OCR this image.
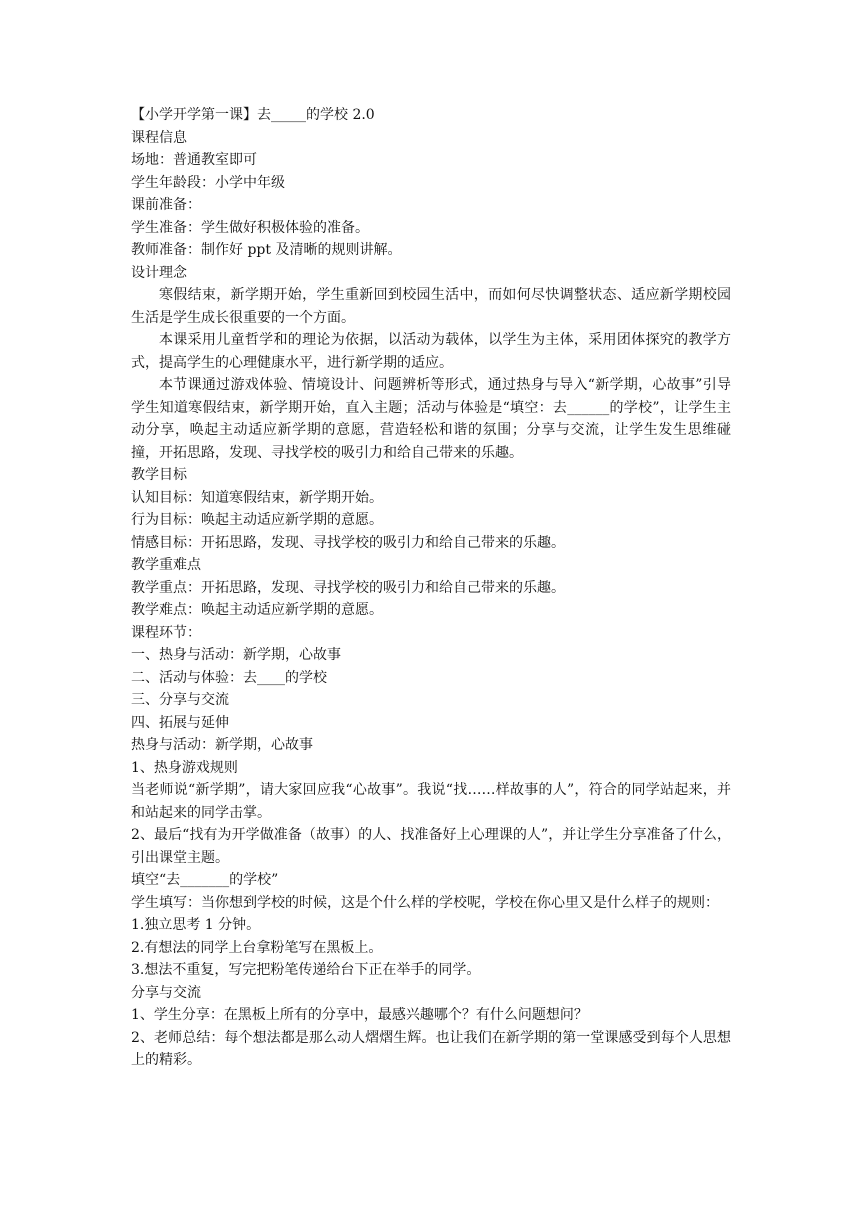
【小学开学第一课】去_____的学校 2.0

课程信息

场地：普通教室即可

学生年龄段：小学中年级

课前准备：

学生准备：学生做好积极体验的准备。

教师准备：制作好 ppt 及清晰的规则讲解。

设计理念

寒假结束，新学期开始，学生重新回到校园生活中，而如何尽快调整状态、适应新学期校园生活是学生成长很重要的一个方面。

本课采用儿童哲学和的理论为依据，以活动为载体，以学生为主体，采用团体探究的教学方式，提高学生的心理健康水平，进行新学期的适应。

本节课通过游戏体验、情境设计、问题辨析等形式，通过热身与导入“新学期，心故事”引导学生知道寒假结束，新学期开始，直入主题；活动与体验是“填空：去______的学校”，让学生主动分享，唤起主动适应新学期的意愿，营造轻松和谐的氛围；分享与交流，让学生发生思维碰撞，开拓思路，发现、寻找学校的吸引力和给自己带来的乐趣。

教学目标

认知目标：知道寒假结束，新学期开始。

行为目标：唤起主动适应新学期的意愿。

情感目标：开拓思路，发现、寻找学校的吸引力和给自己带来的乐趣。

教学重难点

教学重点：开拓思路，发现、寻找学校的吸引力和给自己带来的乐趣。

教学难点：唤起主动适应新学期的意愿。

课程环节：

一、热身与活动：新学期，心故事

二、活动与体验：去____的学校

三、分享与交流

四、拓展与延伸

热身与活动：新学期，心故事

1、热身游戏规则

当老师说“新学期”，请大家回应我“心故事”。我说“找……样故事的人”，符合的同学站起来，并和站起来的同学击掌。

2、最后“找有为开学做准备（故事）的人、找准备好上心理课的人”，并让学生分享准备了什么，引出课堂主题。

填空“去_______的学校”

学生填写：当你想到学校的时候，这是个什么样的学校呢，学校在你心里又是什么样子的规则：

1.独立思考 1 分钟。

2.有想法的同学上台拿粉笔写在黑板上。

3.想法不重复，写完把粉笔传递给台下正在举手的同学。

分享与交流

1、学生分享：在黑板上所有的分享中，最感兴趣哪个？有什么问题想问？

2、老师总结：每个想法都是那么动人熠熠生辉。也让我们在新学期的第一堂课感受到每个人思想上的精彩。
